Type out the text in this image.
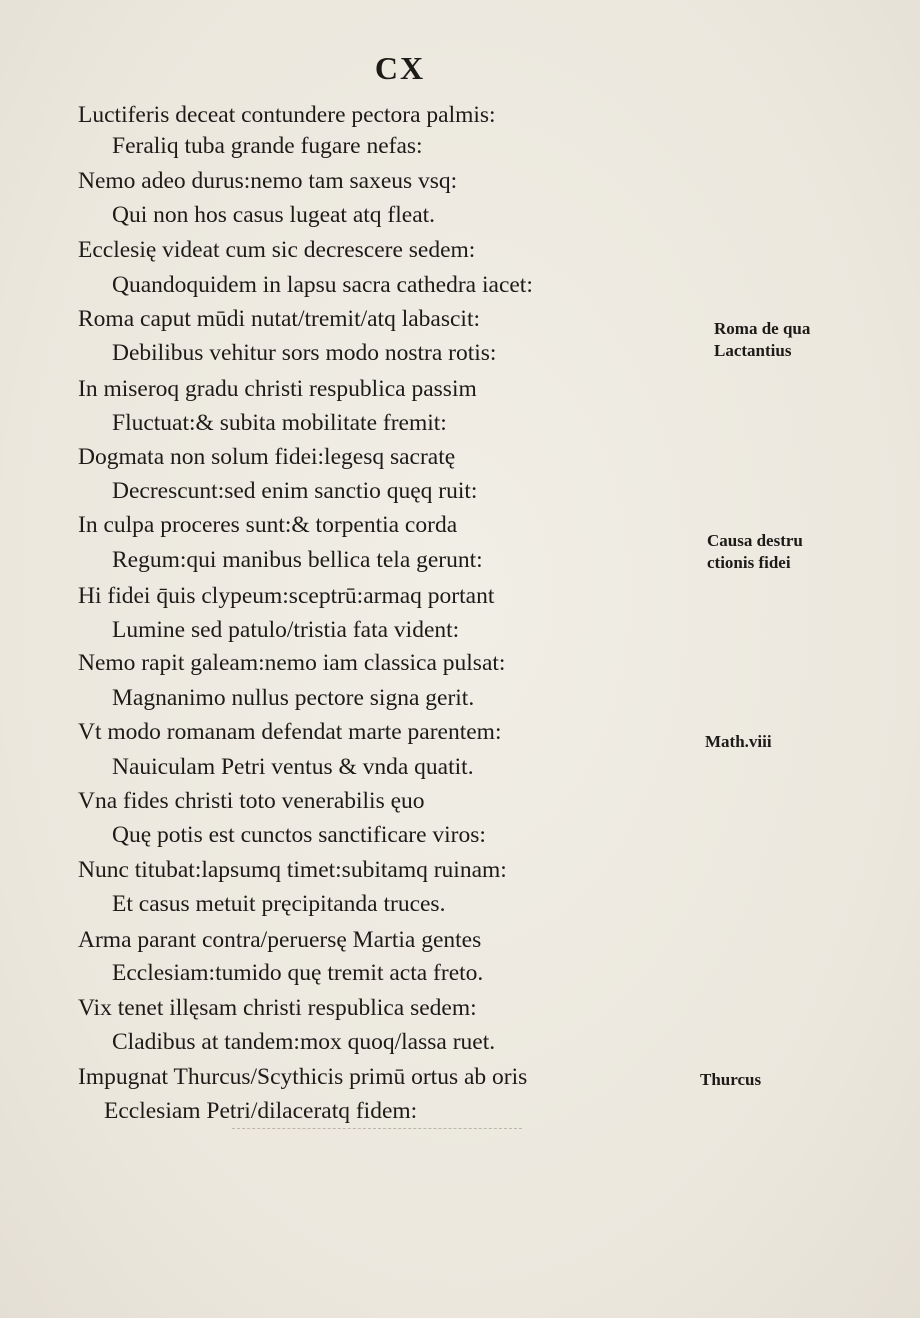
CX
Luctiferis deceat contundere pectora palmis:
Feraliq tuba grande fugare nefas:
Nemo adeo durus:nemo tam saxeus vsq:
Qui non hos casus lugeat atq fleat.
Ecclesię videat cum sic decrescere sedem:
Quandoquidem in lapsu sacra cathedra iacet:
Roma caput mūdi nutat/tremit/atq labascit:
Debilibus vehitur sors modo nostra rotis:
In miseroq gradu christi respublica passim
Fluctuat:& subita mobilitate fremit:
Dogmata non solum fidei:legesq sacratę
Decrescunt:sed enim sanctio quęq ruit:
In culpa proceres sunt:& torpentia corda
Regum:qui manibus bellica tela gerunt:
Hi fidei q̄uis clypeum:sceptrū:armaq portant
Lumine sed patulo/tristia fata vident:
Nemo rapit galeam:nemo iam classica pulsat:
Magnanimo nullus pectore signa gerit.
Vt modo romanam defendat marte parentem:
Nauiculam Petri ventus & vnda quatit.
Vna fides christi toto venerabilis ęuo
Quę potis est cunctos sanctificare viros:
Nunc titubat:lapsumq timet:subitamq ruinam:
Et casus metuit pręcipitanda truces.
Arma parant contra/peruersę Martia gentes
Ecclesiam:tumido quę tremit acta freto.
Vix tenet illęsam christi respublica sedem:
Cladibus at tandem:mox quoq/lassa ruet.
Impugnat Thurcus/Scythicis primū ortus ab oris
Ecclesiam Petri/dilaceratq fidem:
Roma de qua
Lactantius
Causa destru
ctionis fidei
Math.viii
Thurcus
